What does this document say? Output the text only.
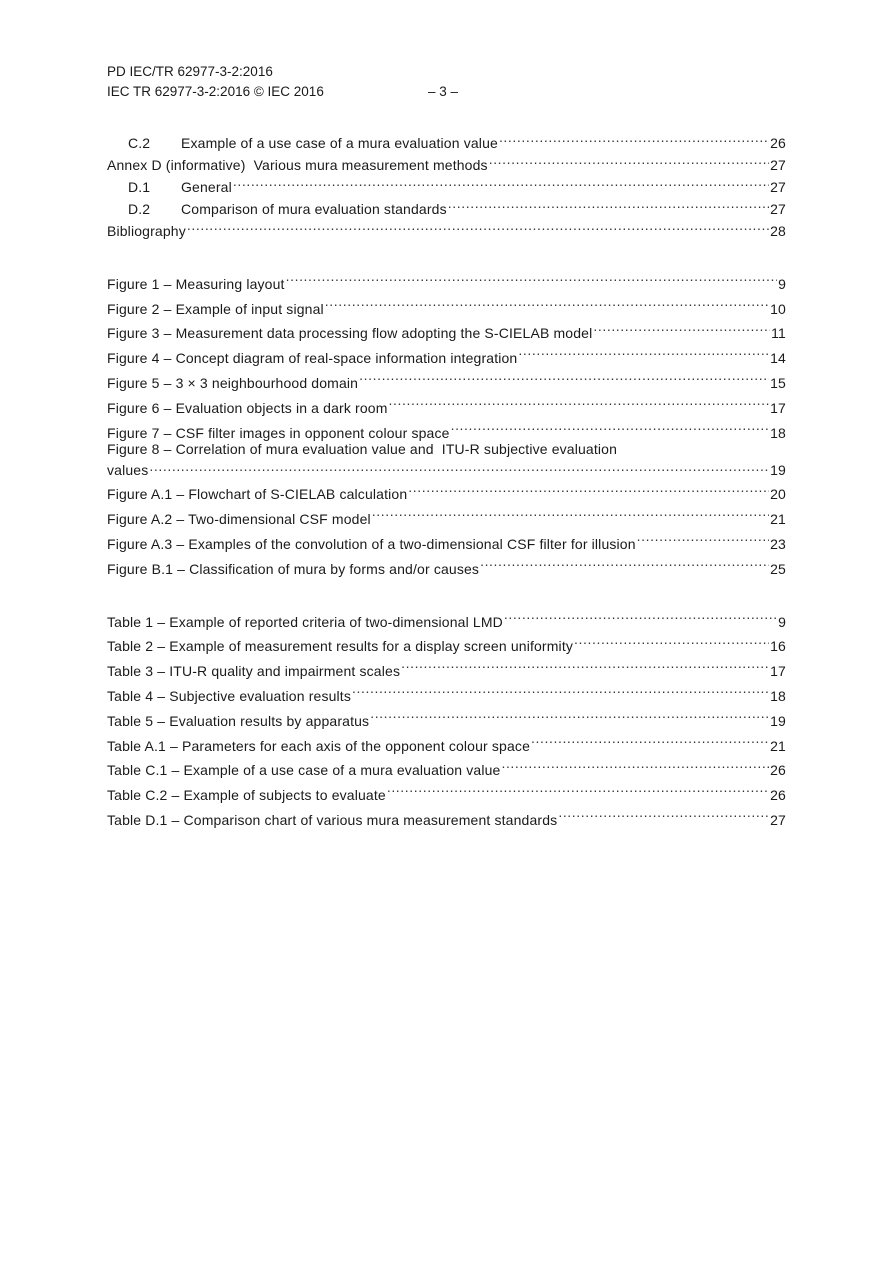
PD IEC/TR 62977-3-2:2016
IEC TR 62977-3-2:2016 © IEC 2016	– 3 –
C.2	Example of a use case of a mura evaluation value .....	26
Annex D (informative)  Various mura measurement methods .....	27
D.1	General .....	27
D.2	Comparison of mura evaluation standards .....	27
Bibliography .....	28
Figure 1 – Measuring layout .....	9
Figure 2 – Example of input signal .....	10
Figure 3 – Measurement data processing flow adopting the S-CIELAB model .....	11
Figure 4 – Concept diagram of real-space information integration .....	14
Figure 5 – 3 × 3 neighbourhood domain .....	15
Figure 6 – Evaluation objects in a dark room .....	17
Figure 7 – CSF filter images in opponent colour space .....	18
Figure 8 – Correlation of mura evaluation value and  ITU-R subjective evaluation
values .....	19
Figure A.1 – Flowchart of S-CIELAB calculation .....	20
Figure A.2 – Two-dimensional CSF model .....	21
Figure A.3 – Examples of the convolution of a two-dimensional CSF filter for illusion .....	23
Figure B.1 – Classification of mura by forms and/or causes .....	25
Table 1 – Example of reported criteria of two-dimensional LMD .....	9
Table 2 – Example of measurement results for a display screen uniformity .....	16
Table 3 – ITU-R quality and impairment scales .....	17
Table 4 – Subjective evaluation results .....	18
Table 5 – Evaluation results by apparatus .....	19
Table A.1 – Parameters for each axis of the opponent colour space .....	21
Table C.1 – Example of a use case of a mura evaluation value .....	26
Table C.2 – Example of subjects to evaluate .....	26
Table D.1 – Comparison chart of various mura measurement standards .....	27
